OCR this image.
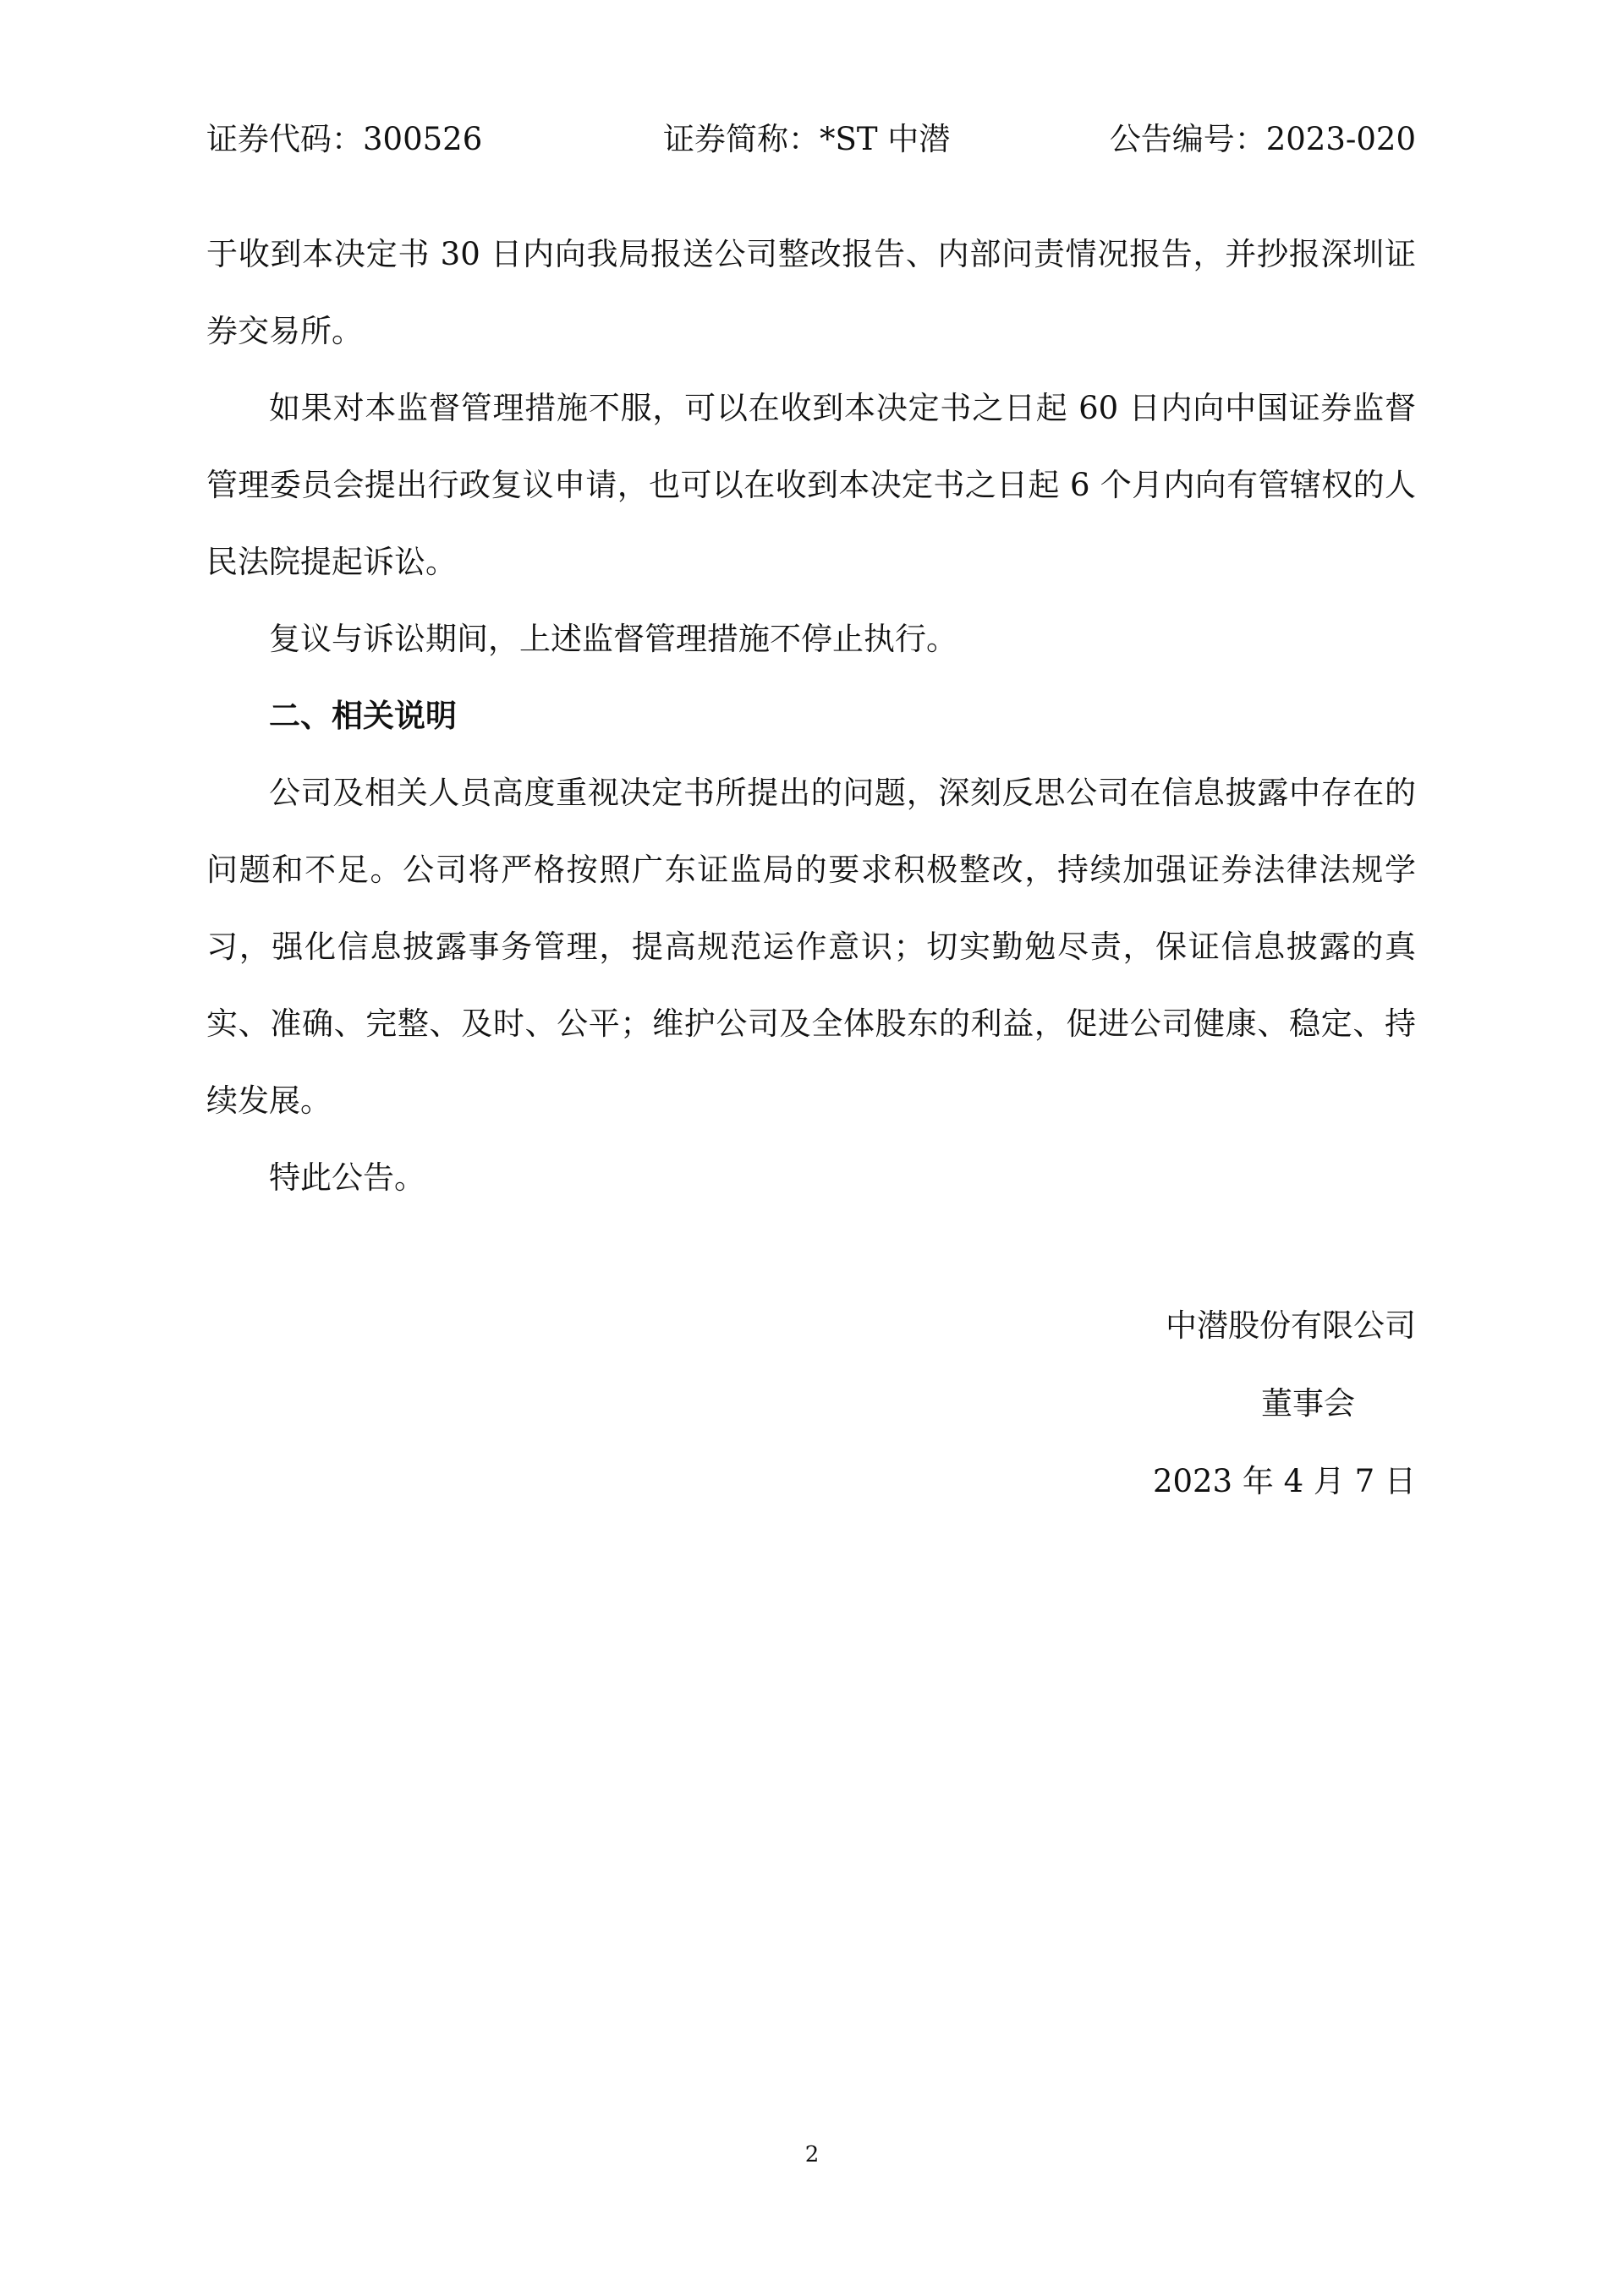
证券代码：300526	证券简称：*ST 中潜	公告编号：2023-020

于收到本决定书 30 日内向我局报送公司整改报告、内部问责情况报告，并抄报深圳证券交易所。

如果对本监督管理措施不服，可以在收到本决定书之日起 60 日内向中国证券监督管理委员会提出行政复议申请，也可以在收到本决定书之日起 6 个月内向有管辖权的人民法院提起诉讼。

复议与诉讼期间，上述监督管理措施不停止执行。

二、相关说明

公司及相关人员高度重视决定书所提出的问题，深刻反思公司在信息披露中存在的问题和不足。公司将严格按照广东证监局的要求积极整改，持续加强证券法律法规学习，强化信息披露事务管理，提高规范运作意识；切实勤勉尽责，保证信息披露的真实、准确、完整、及时、公平；维护公司及全体股东的利益，促进公司健康、稳定、持续发展。

特此公告。

中潜股份有限公司
董事会
2023 年 4 月 7 日
2
